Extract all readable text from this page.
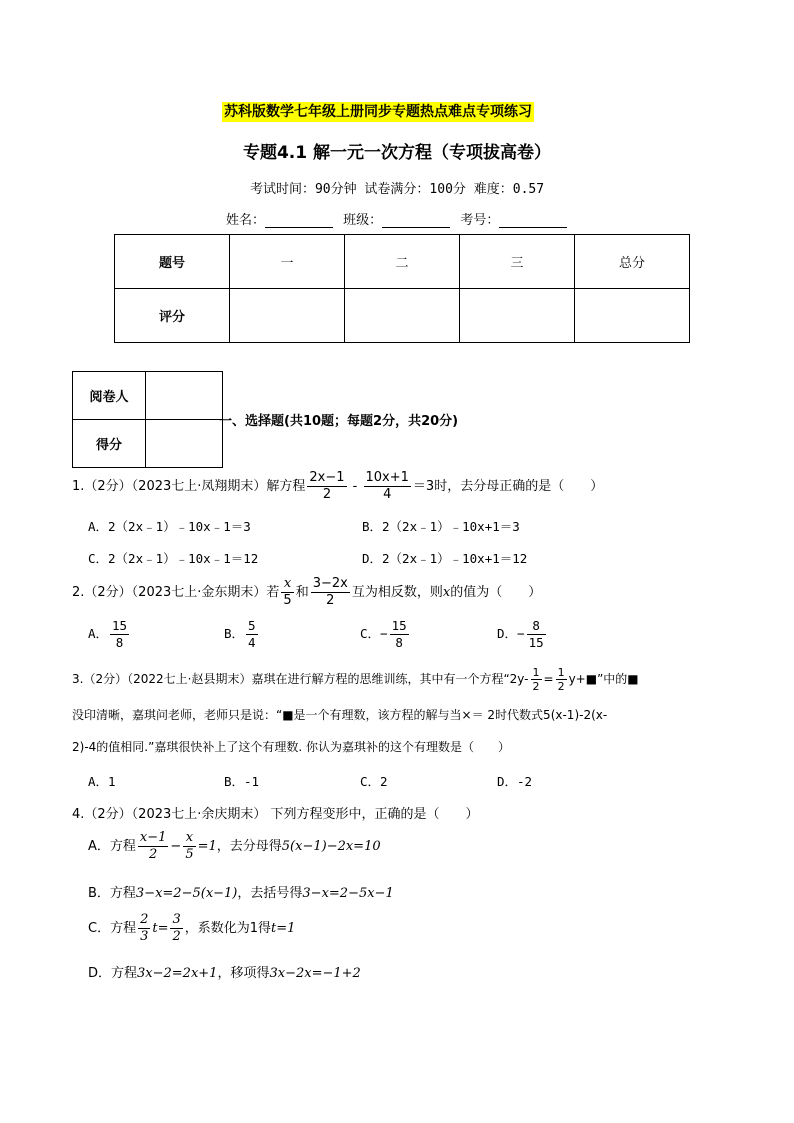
苏科版数学七年级上册同步专题热点难点专项练习
专题4.1 解一元一次方程（专项拔高卷）
考试时间：90分钟 试卷满分：100分 难度：0.57
姓名：	班级：	考号：
题号	一	二	三	总分
评分				
阅卷人	
得分	
一、选择题(共10题；每题2分，共20分)
1.（2分）（2023七上·凤翔期末）解方程 $\frac{2x-1}{2} - \frac{10x+1}{4} =3$时，去分母正确的是（　　）
A．2（2x﹣1）﹣10x﹣1＝3	B．2（2x﹣1）﹣10x+1＝3
C．2（2x﹣1）﹣10x﹣1＝12	D．2（2x﹣1）﹣10x+1＝12
2.（2分）（2023七上·金东期末）若 $\frac{x}{5}$ 和 $\frac{3-2x}{2}$ 互为相反数，则x的值为（　　）
A． $\frac{15}{8}$	B． $\frac{5}{4}$	C．− $\frac{15}{8}$	D．− $\frac{8}{15}$
3.（2分）（2022七上·赵县期末）嘉琪在进行解方程的思维训练，其中有一个方程“$2y- \frac{1}{2} = \frac{1}{2}$ y+■”中的■
没印清晰，嘉琪问老师，老师只是说：“■是一个有理数，该方程的解与当×＝ 2时代数式5(x-1)-2(x-
2)-4的值相同.”嘉琪很快补上了这个有理数. 你认为嘉琪补的这个有理数是（　　）
A．1	B．-1	C．2	D．-2
4.（2分）（2023七上·余庆期末） 下列方程变形中，正确的是（　　）
A．方程 $\frac{x-1}{2} - \frac{x}{5} =1$，去分母得5(x−1)−2x=10
B．方程3−x=2−5(x−1)，去括号得3−x=2−5x−1
C．方程 $\frac{2}{3} t= \frac{3}{2}$ ，系数化为1得t=1
D．方程3x−2=2x+1，移项得3x−2x=−1+2
